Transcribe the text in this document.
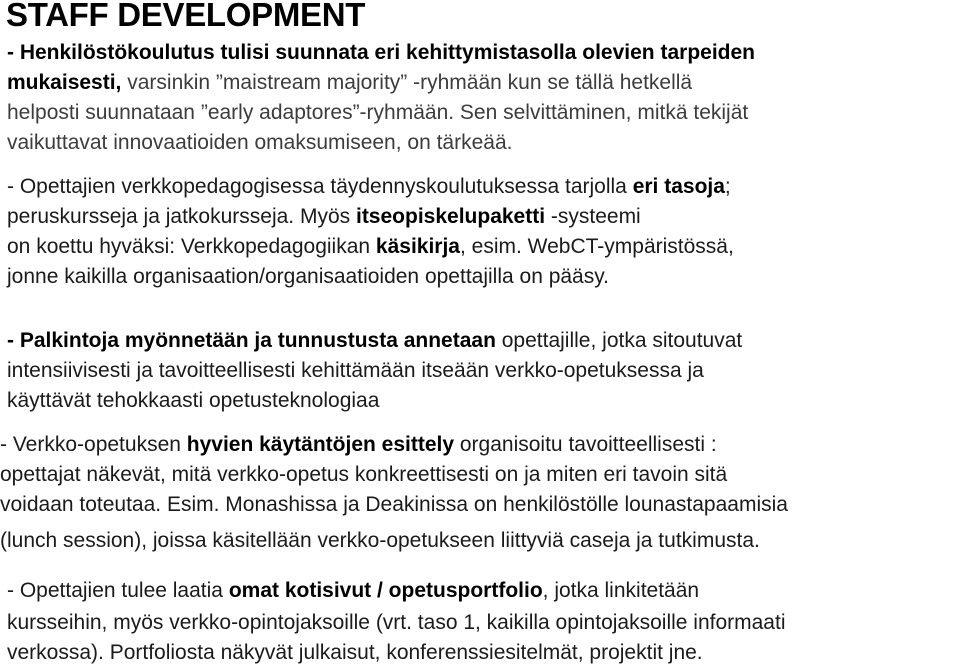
STAFF DEVELOPMENT
- Henkilöstökoulutus tulisi suunnata eri kehittymistasolla olevien tarpeiden
mukaisesti, varsinkin ”maistream majority” -ryhmään kun se tällä hetkellä
helposti suunnataan ”early adaptores”-ryhmään. Sen selvittäminen, mitkä tekijät
vaikuttavat innovaatioiden omaksumiseen, on tärkeää.
- Opettajien verkkopedagogisessa täydennyskoulutuksessa tarjolla eri tasoja;
peruskursseja ja jatkokursseja. Myös itseopiskelupaketti -systeemi
on koettu hyväksi: Verkkopedagogiikan käsikirja, esim. WebCT-ympäristössä,
jonne kaikilla organisaation/organisaatioiden opettajilla on pääsy.
- Palkintoja myönnetään ja tunnustusta annetaan opettajille, jotka sitoutuvat
intensiivisesti ja tavoitteellisesti kehittämään itseään verkko-opetuksessa ja
käyttävät tehokkaasti opetusteknologiaa
- Verkko-opetuksen hyvien käytäntöjen esittely organisoitu tavoitteellisesti :
opettajat näkevät, mitä verkko-opetus konkreettisesti on ja miten eri tavoin sitä
voidaan toteutaa. Esim. Monashissa ja Deakinissa on henkilöstölle lounastapaamisia
(lunch session), joissa käsitellään verkko-opetukseen liittyviä caseja ja tutkimusta.
- Opettajien tulee laatia omat kotisivut / opetusportfolio, jotka linkitetään
kursseihin, myös verkko-opintojaksoille (vrt. taso 1, kaikilla opintojaksoille informaati
verkossa). Portfoliosta näkyvät julkaisut, konferenssiesitelmät, projektit jne.
